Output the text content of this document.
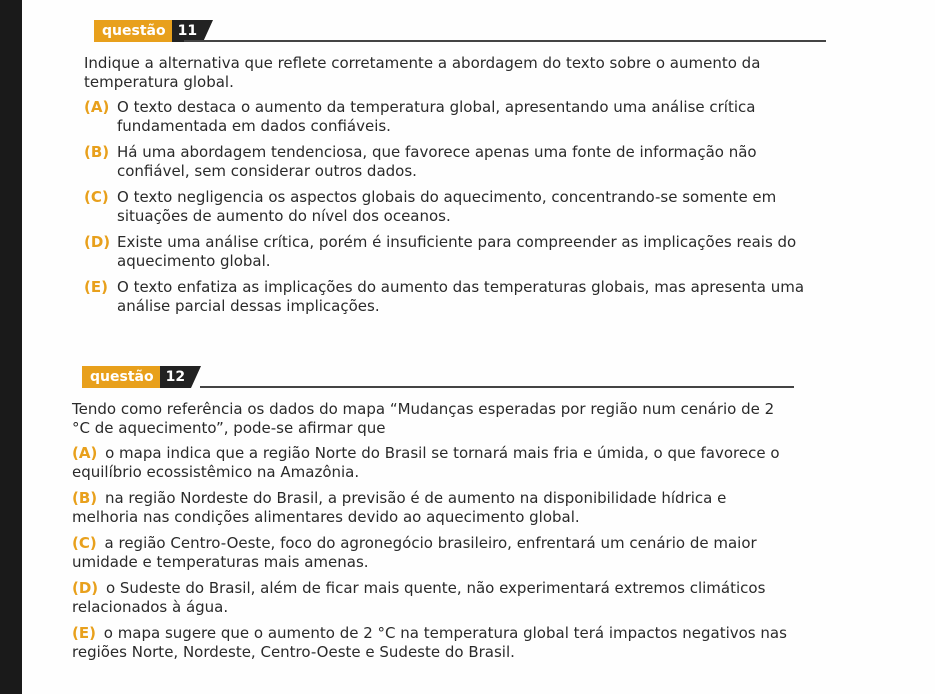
questão 11
Indique a alternativa que reflete corretamente a abordagem do texto sobre o aumento da temperatura global.
(A) O texto destaca o aumento da temperatura global, apresentando uma análise crítica fundamentada em dados confiáveis.
(B) Há uma abordagem tendenciosa, que favorece apenas uma fonte de informação não confiável, sem considerar outros dados.
(C) O texto negligencia os aspectos globais do aquecimento, concentrando-se somente em situações de aumento do nível dos oceanos.
(D) Existe uma análise crítica, porém é insuficiente para compreender as implicações reais do aquecimento global.
(E) O texto enfatiza as implicações do aumento das temperaturas globais, mas apresenta uma análise parcial dessas implicações.
questão 12
Tendo como referência os dados do mapa “Mudanças esperadas por região num cenário de 2 °C de aquecimento”, pode-se afirmar que
(A) o mapa indica que a região Norte do Brasil se tornará mais fria e úmida, o que favorece o equilíbrio ecossistêmico na Amazônia.
(B) na região Nordeste do Brasil, a previsão é de aumento na disponibilidade hídrica e melhoria nas condições alimentares devido ao aquecimento global.
(C) a região Centro-Oeste, foco do agronegócio brasileiro, enfrentará um cenário de maior umidade e temperaturas mais amenas.
(D) o Sudeste do Brasil, além de ficar mais quente, não experimentará extremos climáticos relacionados à água.
(E) o mapa sugere que o aumento de 2 °C na temperatura global terá impactos negativos nas regiões Norte, Nordeste, Centro-Oeste e Sudeste do Brasil.
